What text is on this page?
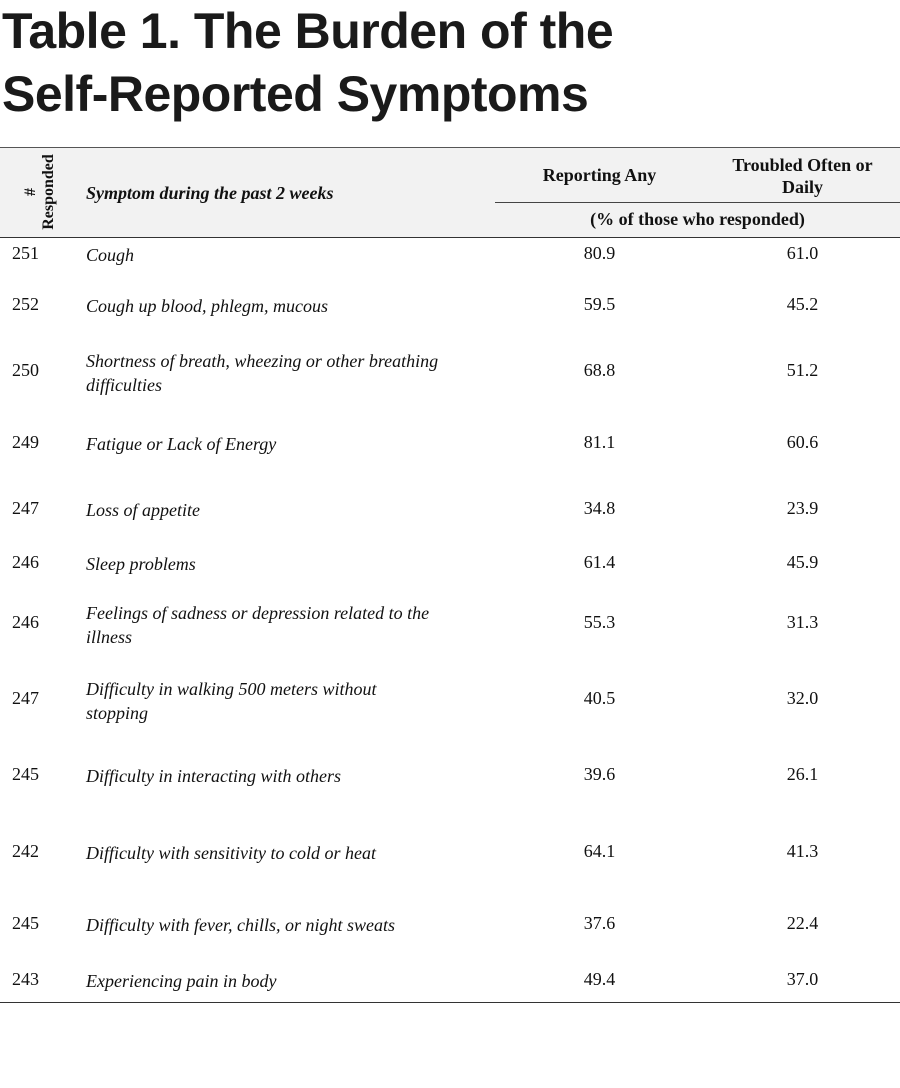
Table 1. The Burden of the
Self-Reported Symptoms
# Responded Symptom during the past 2 weeks
Reporting Any	Troubled Often or
Daily
(% of those who responded)
251	Cough	80.9	61.0
252	Cough up blood, phlegm, mucous	59.5	45.2
250	Shortness of breath, wheezing or other breathing
difficulties
68.8	51.2
249	Fatigue or Lack of Energy	81.1	60.6
247	Loss of appetite	34.8	23.9
246	Sleep problems	61.4	45.9
246	Feelings of sadness or depression related to the
illness
55.3	31.3
247	Difficulty in walking 500 meters without
stopping
40.5	32.0
245	Difficulty in interacting with others	39.6	26.1
242	Difficulty with sensitivity to cold or heat	64.1	41.3
245	Difficulty with fever, chills, or night sweats	37.6	22.4
243	Experiencing pain in body	49.4	37.0
